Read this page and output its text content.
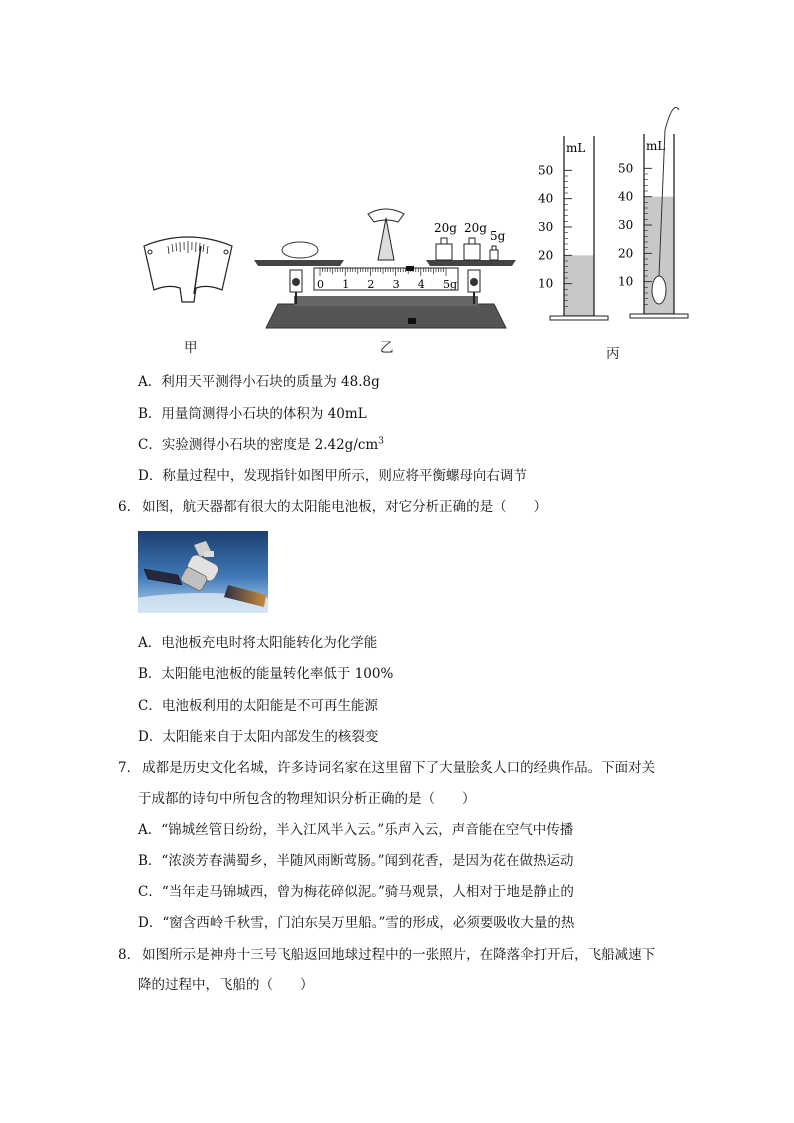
甲
20g 20g
5g
0 1 2 3 4 5g
乙
mL
50
40
30
20
10
mL
50
40
30
20
10
丙
A．利用天平测得小石块的质量为 48.8g
B．用量筒测得小石块的体积为 40mL
C．实验测得小石块的密度是 $2.42g/cm^3$
D．称量过程中，发现指针如图甲所示，则应将平衡螺母向右调节
6． 如图，航天器都有很大的太阳能电池板，对它分析正确的是（　　）
A．电池板充电时将太阳能转化为化学能
B．太阳能电池板的能量转化率低于 100%
C．电池板利用的太阳能是不可再生能源
D．太阳能来自于太阳内部发生的核裂变
7． 成都是历史文化名城，许多诗词名家在这里留下了大量脍炙人口的经典作品。下面对关
于成都的诗句中所包含的物理知识分析正确的是（　　）
A．“锦城丝管日纷纷，半入江风半入云。”乐声入云，声音能在空气中传播
B．“浓淡芳春满蜀乡，半随风雨断莺肠。”闻到花香，是因为花在做热运动
C．“当年走马锦城西，曾为梅花碎似泥。”骑马观景，人相对于地是静止的
D．“窗含西岭千秋雪，门泊东吴万里船。”雪的形成，必须要吸收大量的热
8． 如图所示是神舟十三号飞船返回地球过程中的一张照片，在降落伞打开后，飞船减速下
降的过程中，飞船的（　　）
